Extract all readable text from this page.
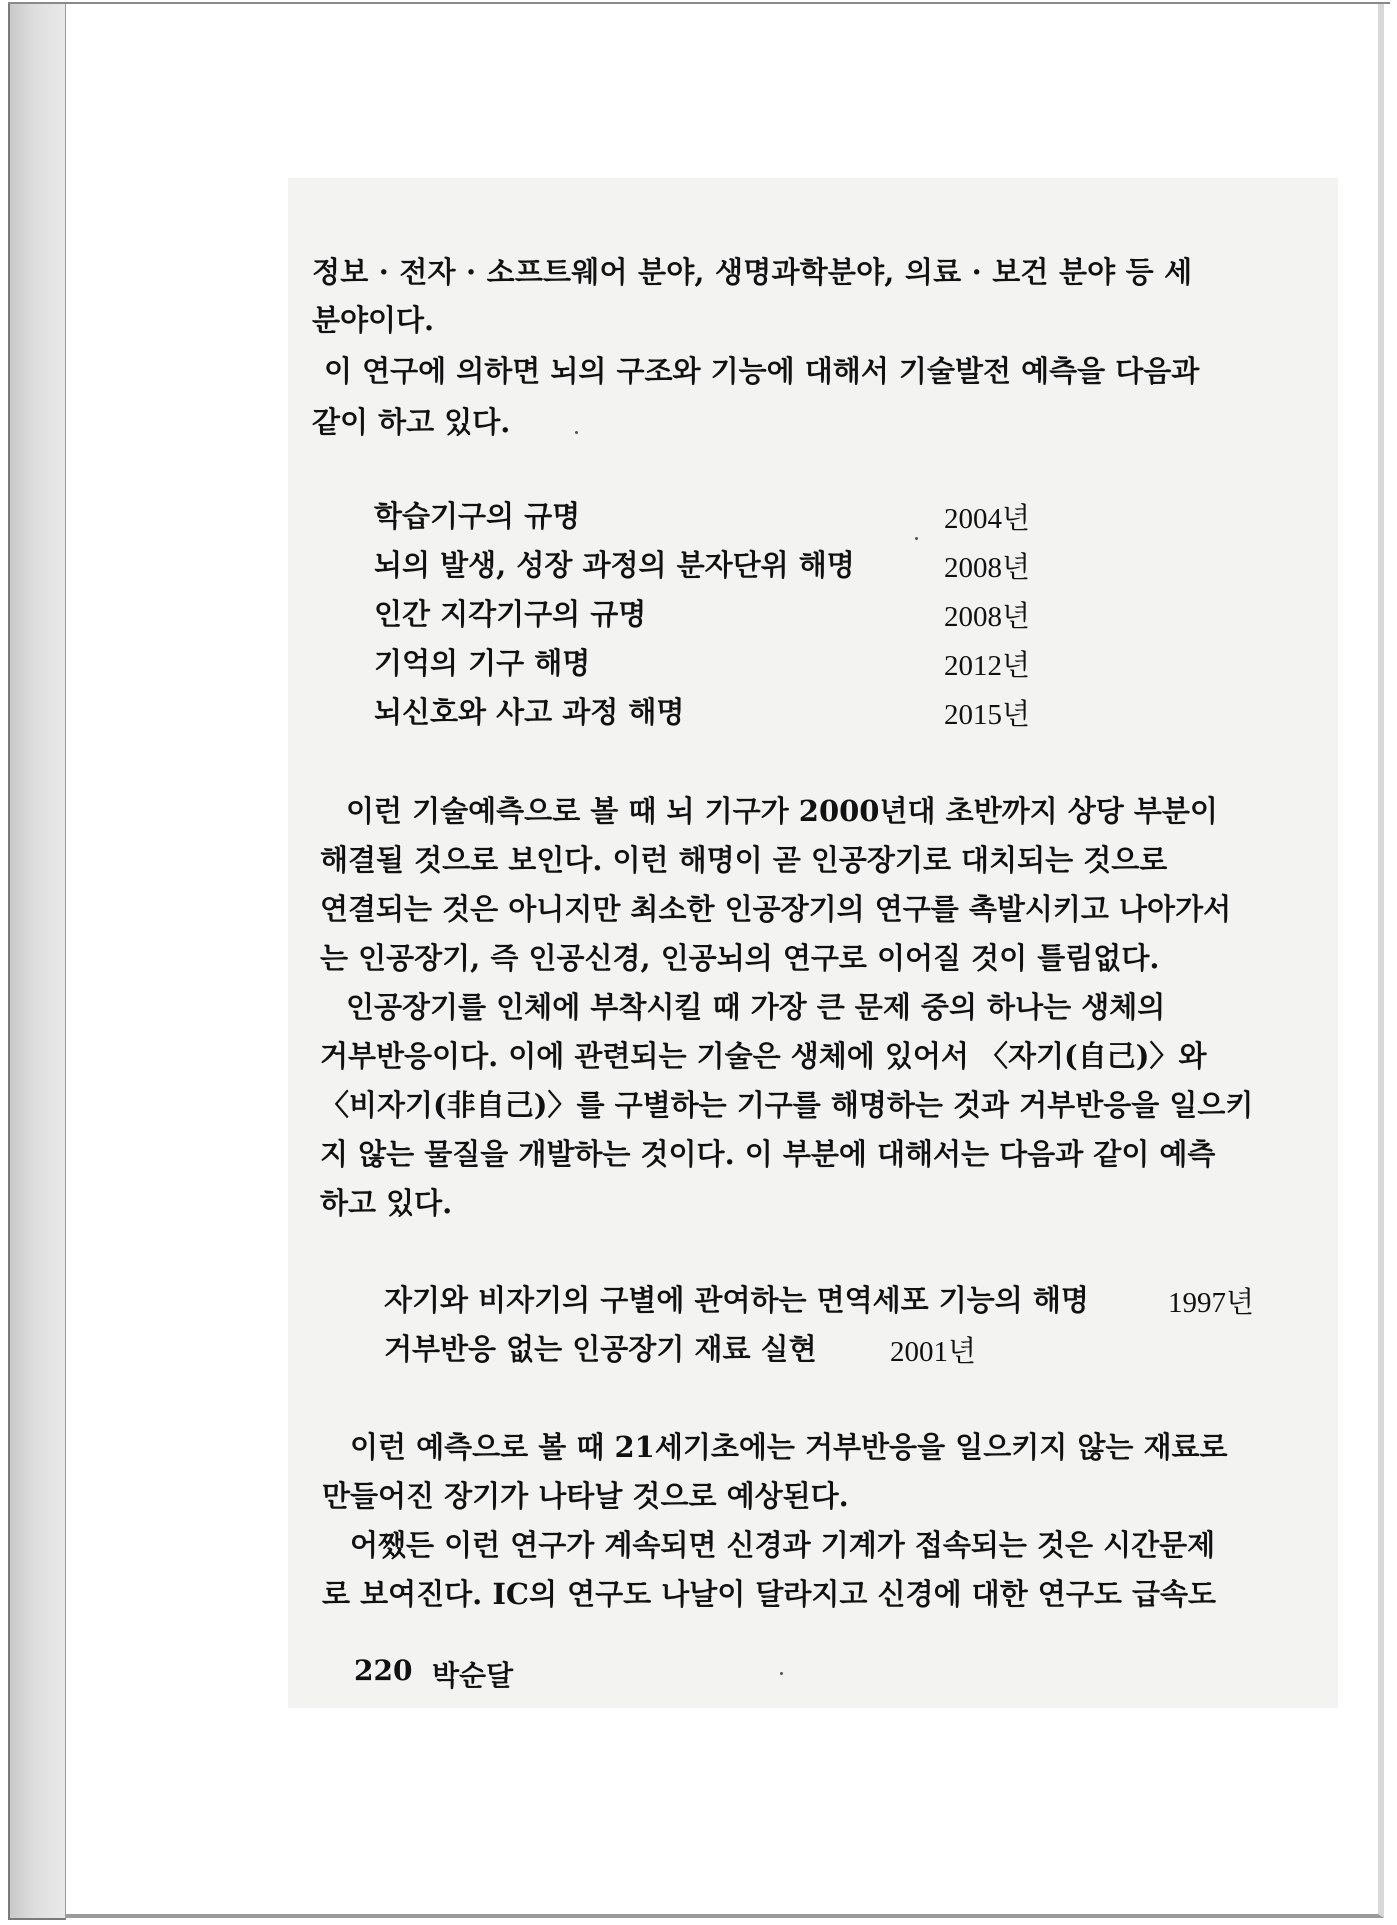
정보 · 전자 · 소프트웨어 분야, 생명과학분야, 의료 · 보건 분야 등 세
분야이다.
이 연구에 의하면 뇌의 구조와 기능에 대해서 기술발전 예측을 다음과
같이 하고 있다.
학습기구의 규명	2004년
뇌의 발생, 성장 과정의 분자단위 해명	2008년
인간 지각기구의 규명	2008년
기억의 기구 해명	2012년
뇌신호와 사고 과정 해명	2015년
이런 기술예측으로 볼 때 뇌 기구가 2000년대 초반까지 상당 부분이
해결될 것으로 보인다. 이런 해명이 곧 인공장기로 대치되는 것으로
연결되는 것은 아니지만 최소한 인공장기의 연구를 촉발시키고 나아가서
는 인공장기, 즉 인공신경, 인공뇌의 연구로 이어질 것이 틀림없다.
인공장기를 인체에 부착시킬 때 가장 큰 문제 중의 하나는 생체의
거부반응이다. 이에 관련되는 기술은 생체에 있어서 〈자기(自己)〉와
〈비자기(非自己)〉를 구별하는 기구를 해명하는 것과 거부반응을 일으키
지 않는 물질을 개발하는 것이다. 이 부분에 대해서는 다음과 같이 예측
하고 있다.
자기와 비자기의 구별에 관여하는 면역세포 기능의 해명	1997년
거부반응 없는 인공장기 재료 실현	2001년
이런 예측으로 볼 때 21세기초에는 거부반응을 일으키지 않는 재료로
만들어진 장기가 나타날 것으로 예상된다.
어쨌든 이런 연구가 계속되면 신경과 기계가 접속되는 것은 시간문제
로 보여진다. IC의 연구도 나날이 달라지고 신경에 대한 연구도 급속도
220 박순달
